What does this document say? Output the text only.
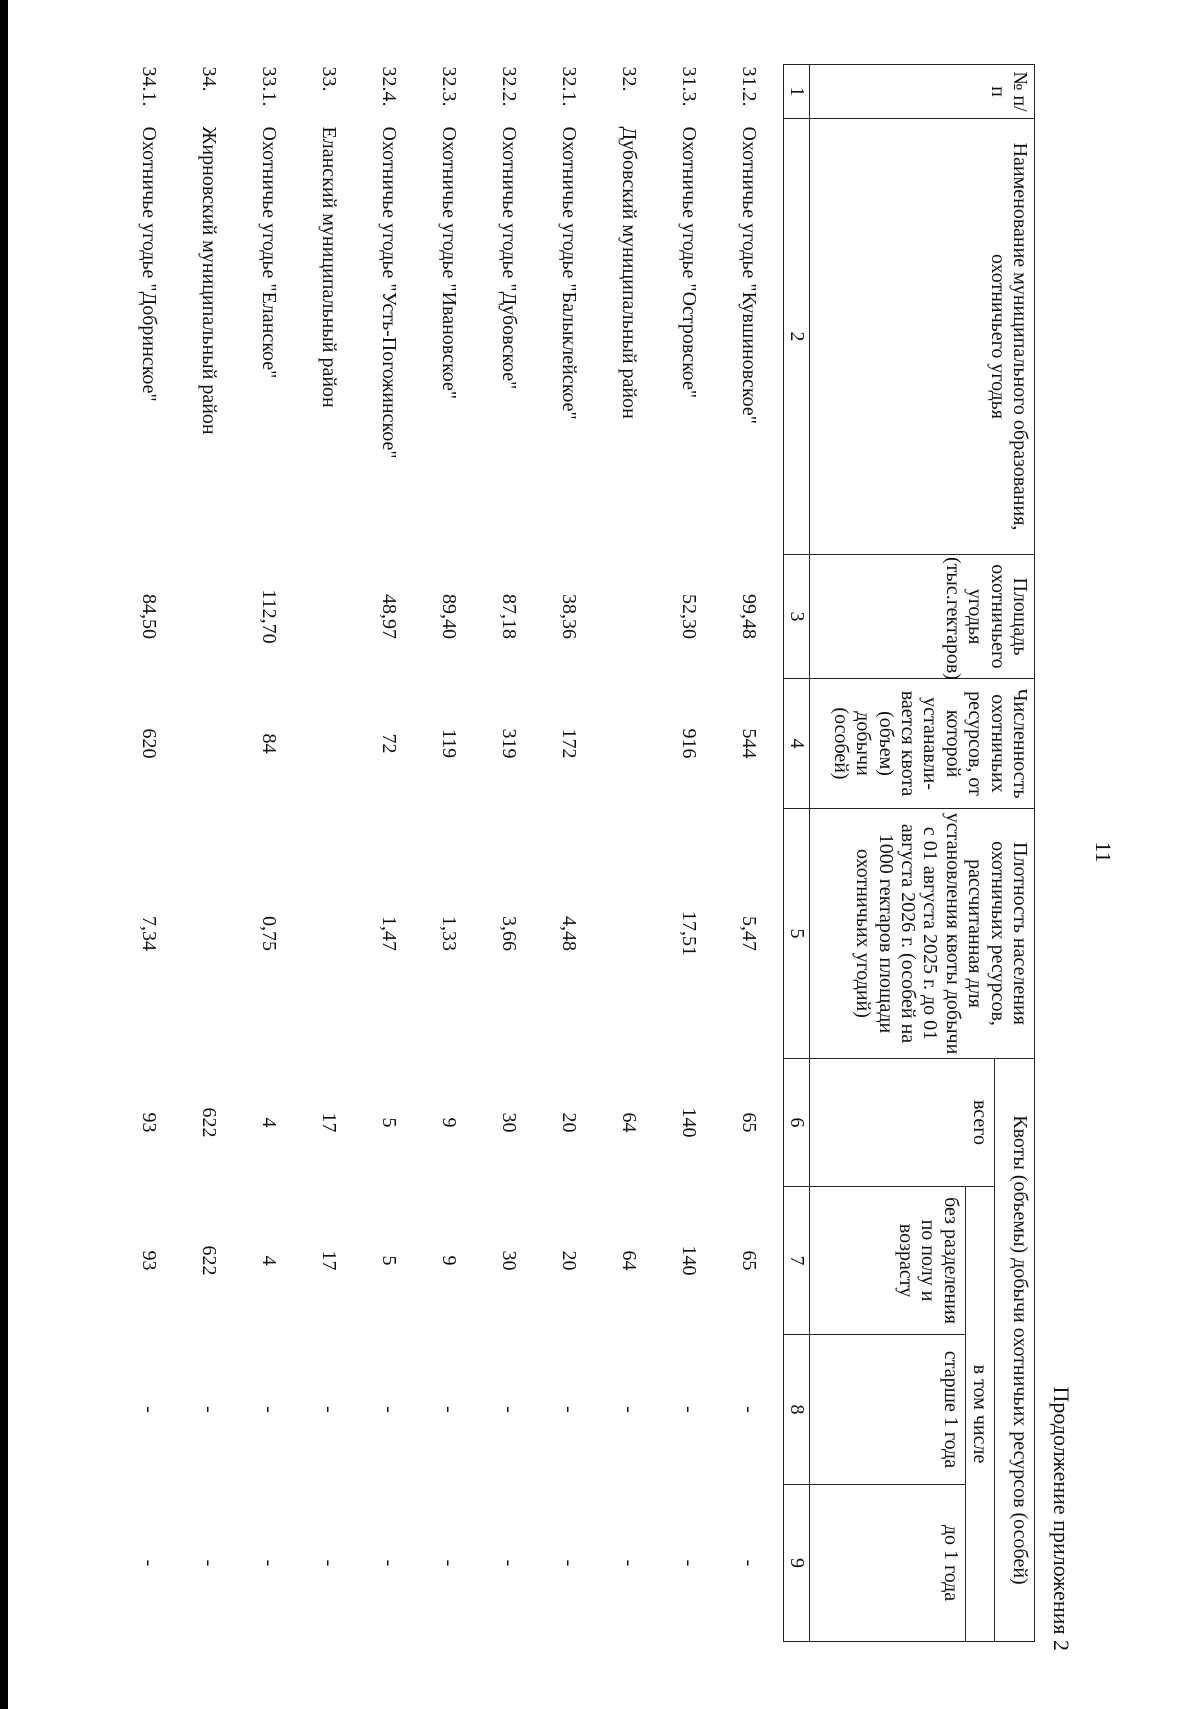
11
Продолжение приложения 2
№ п/п	Наименование муниципального образования, охотничьего угодья	Площадь охотничьего угодья (тыс.гектаров)	Численность охотничьих ресурсов, от которой устанавли-вается квота (объем) добычи (особей)	Плотность населения охотничьих ресурсов, рассчитанная для установления квоты добычи с 01 августа 2025 г. до 01 августа 2026 г. (особей на 1000 гектаров площади охотничьих угодий)	Квоты (объемы) добычи охотничьих ресурсов (особей)			
					всего	в том числе		
						без разделения по полу и возрасту	старше 1 года	до 1 года
1	2	3	4	5	6	7	8	9
31.2.	Охотничье угодье "Кувшиновское"	99,48	544	5,47	65	65	-	-
31.3.	Охотничье угодье "Островское"	52,30	916	17,51	140	140	-	-
32.	Дубовский муниципальный район				64	64	-	-
32.1.	Охотничье угодье "Балыклейское"	38,36	172	4,48	20	20	-	-
32.2.	Охотничье угодье "Дубовское"	87,18	319	3,66	30	30	-	-
32.3.	Охотничье угодье "Ивановское"	89,40	119	1,33	9	9	-	-
32.4.	Охотничье угодье "Усть-Погожинское"	48,97	72	1,47	5	5	-	-
33.	Еланский муниципальный район				17	17	-	-
33.1.	Охотничье угодье "Еланское"	112,70	84	0,75	4	4	-	-
34.	Жирновский муниципальный район				622	622	-	-
34.1.	Охотничье угодье "Добринское"	84,50	620	7,34	93	93	-	-
